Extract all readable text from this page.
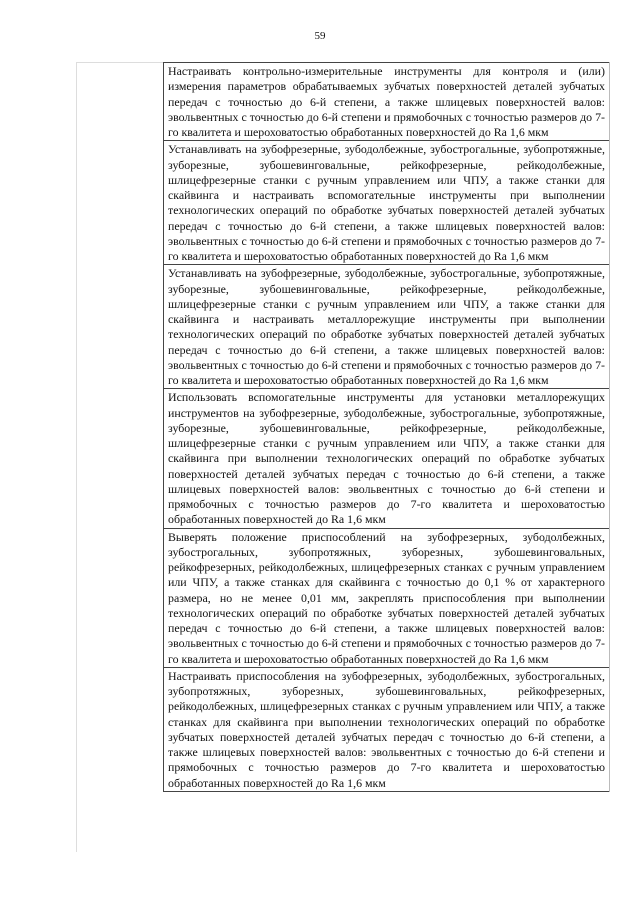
59

Настраивать контрольно-измерительные инструменты для контроля и (или) измерения параметров обрабатываемых зубчатых поверхностей деталей зубчатых передач с точностью до 6-й степени, а также шлицевых поверхностей валов: эвольвентных с точностью до 6-й степени и прямобочных с точностью размеров до 7-го квалитета и шероховатостью обработанных поверхностей до Ra 1,6 мкм

Устанавливать на зубофрезерные, зубодолбежные, зубострогальные, зубопротяжные, зуборезные, зубошевинговальные, рейкофрезерные, рейкодолбежные, шлицефрезерные станки с ручным управлением или ЧПУ, а также станки для скайвинга и настраивать вспомогательные инструменты при выполнении технологических операций по обработке зубчатых поверхностей деталей зубчатых передач с точностью до 6-й степени, а также шлицевых поверхностей валов: эвольвентных с точностью до 6-й степени и прямобочных с точностью размеров до 7-го квалитета и шероховатостью обработанных поверхностей до Ra 1,6 мкм

Устанавливать на зубофрезерные, зубодолбежные, зубострогальные, зубопротяжные, зуборезные, зубошевинговальные, рейкофрезерные, рейкодолбежные, шлицефрезерные станки с ручным управлением или ЧПУ, а также станки для скайвинга и настраивать металлорежущие инструменты при выполнении технологических операций по обработке зубчатых поверхностей деталей зубчатых передач с точностью до 6-й степени, а также шлицевых поверхностей валов: эвольвентных с точностью до 6-й степени и прямобочных с точностью размеров до 7-го квалитета и шероховатостью обработанных поверхностей до Ra 1,6 мкм

Использовать вспомогательные инструменты для установки металлорежущих инструментов на зубофрезерные, зубодолбежные, зубострогальные, зубопротяжные, зуборезные, зубошевинговальные, рейкофрезерные, рейкодолбежные, шлицефрезерные станки с ручным управлением или ЧПУ, а также станки для скайвинга при выполнении технологических операций по обработке зубчатых поверхностей деталей зубчатых передач с точностью до 6-й степени, а также шлицевых поверхностей валов: эвольвентных с точностью до 6-й степени и прямобочных с точностью размеров до 7-го квалитета и шероховатостью обработанных поверхностей до Ra 1,6 мкм

Выверять положение приспособлений на зубофрезерных, зубодолбежных, зубострогальных, зубопротяжных, зуборезных, зубошевинговальных, рейкофрезерных, рейкодолбежных, шлицефрезерных станках с ручным управлением или ЧПУ, а также станках для скайвинга с точностью до 0,1 % от характерного размера, но не менее 0,01 мм, закреплять приспособления при выполнении технологических операций по обработке зубчатых поверхностей деталей зубчатых передач с точностью до 6-й степени, а также шлицевых поверхностей валов: эвольвентных с точностью до 6-й степени и прямобочных с точностью размеров до 7-го квалитета и шероховатостью обработанных поверхностей до Ra 1,6 мкм

Настраивать приспособления на зубофрезерных, зубодолбежных, зубострогальных, зубопротяжных, зуборезных, зубошевинговальных, рейкофрезерных, рейкодолбежных, шлицефрезерных станках с ручным управлением или ЧПУ, а также станках для скайвинга при выполнении технологических операций по обработке зубчатых поверхностей деталей зубчатых передач с точностью до 6-й степени, а также шлицевых поверхностей валов: эвольвентных с точностью до 6-й степени и прямобочных с точностью размеров до 7-го квалитета и шероховатостью обработанных поверхностей до Ra 1,6 мкм
